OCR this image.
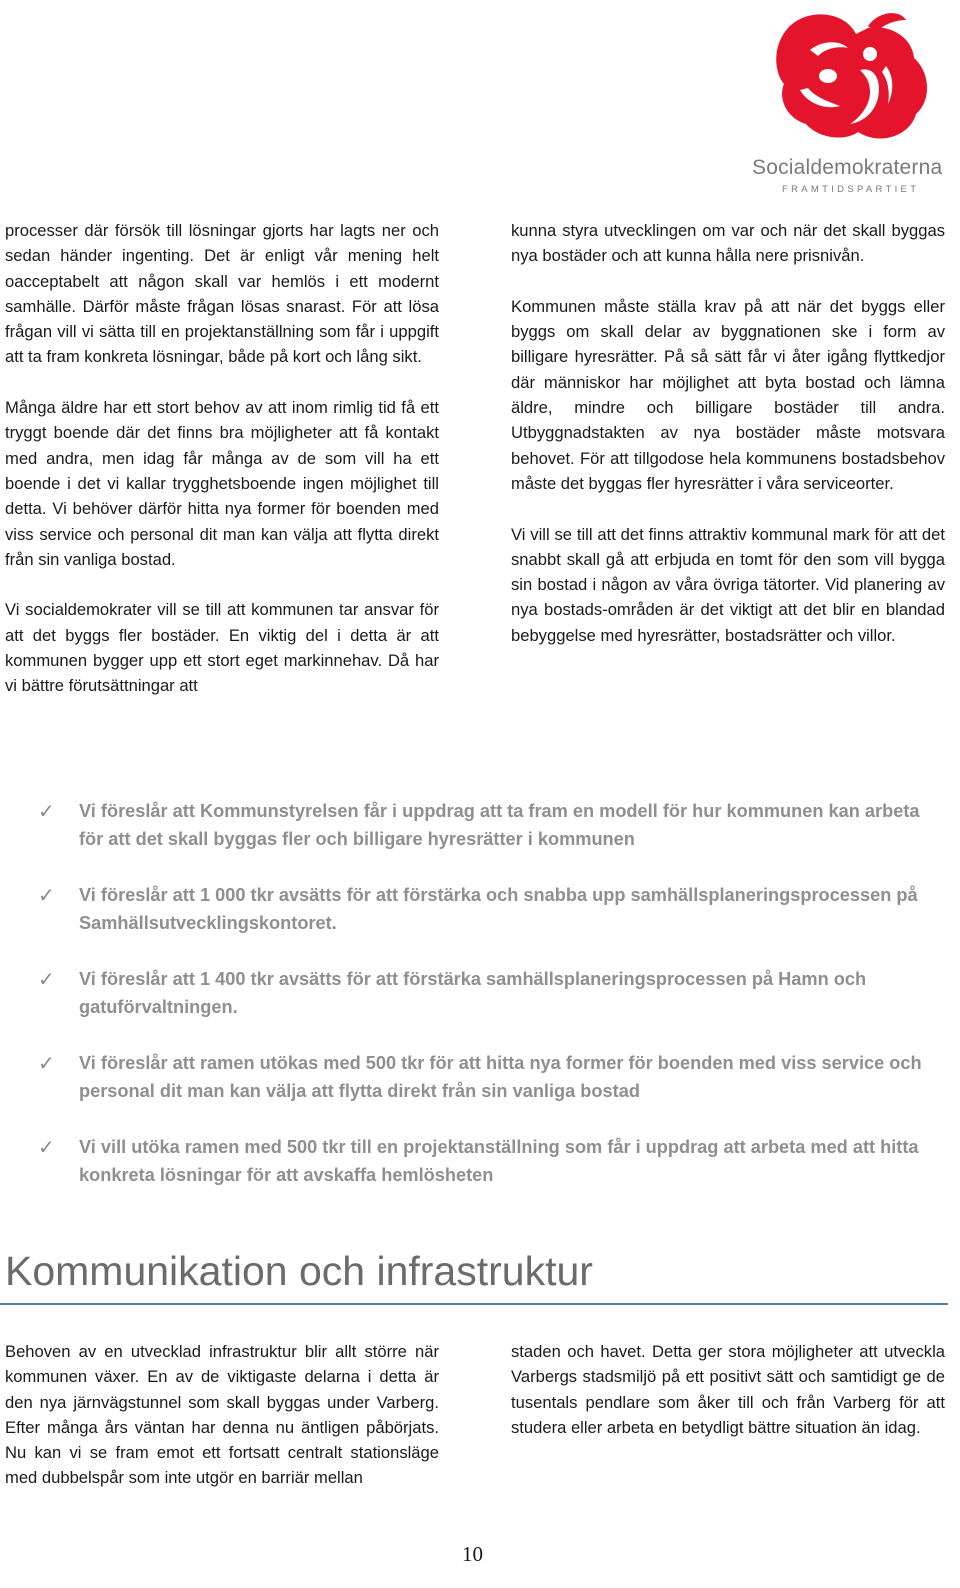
Socialdemokraterna
FRAMTIDSPARTIET

processer där försök till lösningar gjorts har lagts ner och sedan händer ingenting. Det är enligt vår mening helt oacceptabelt att någon skall var hemlös i ett modernt samhälle. Därför måste frågan lösas snarast. För att lösa frågan vill vi sätta till en projektanställning som får i uppgift att ta fram konkreta lösningar, både på kort och lång sikt.

Många äldre har ett stort behov av att inom rimlig tid få ett tryggt boende där det finns bra möjligheter att få kontakt med andra, men idag får många av de som vill ha ett boende i det vi kallar trygghetsboende ingen möjlighet till detta. Vi behöver därför hitta nya former för boenden med viss service och personal dit man kan välja att flytta direkt från sin vanliga bostad.

Vi socialdemokrater vill se till att kommunen tar ansvar för att det byggs fler bostäder. En viktig del i detta är att kommunen bygger upp ett stort eget markinnehav. Då har vi bättre förutsättningar att

kunna styra utvecklingen om var och när det skall byggas nya bostäder och att kunna hålla nere prisnivån.

Kommunen måste ställa krav på att när det byggs eller byggs om skall delar av byggnationen ske i form av billigare hyresrätter. På så sätt får vi åter igång flyttkedjor där människor har möjlighet att byta bostad och lämna äldre, mindre och billigare bostäder till andra. Utbyggnadstakten av nya bostäder måste motsvara behovet. För att tillgodose hela kommunens bostadsbehov måste det byggas fler hyresrätter i våra serviceorter.

Vi vill se till att det finns attraktiv kommunal mark för att det snabbt skall gå att erbjuda en tomt för den som vill bygga sin bostad i någon av våra övriga tätorter. Vid planering av nya bostads-områden är det viktigt att det blir en blandad bebyggelse med hyresrätter, bostadsrätter och villor.

✓ Vi föreslår att Kommunstyrelsen får i uppdrag att ta fram en modell för hur kommunen kan arbeta för att det skall byggas fler och billigare hyresrätter i kommunen
✓ Vi föreslår att 1 000 tkr avsätts för att förstärka och snabba upp samhällsplaneringsprocessen på Samhällsutvecklingskontoret.
✓ Vi föreslår att 1 400 tkr avsätts för att förstärka samhällsplaneringsprocessen på Hamn och gatuförvaltningen.
✓ Vi föreslår att ramen utökas med 500 tkr för att hitta nya former för boenden med viss service och personal dit man kan välja att flytta direkt från sin vanliga bostad
✓ Vi vill utöka ramen med 500 tkr till en projektanställning som får i uppdrag att arbeta med att hitta konkreta lösningar för att avskaffa hemlösheten
Kommunikation och infrastruktur

Behoven av en utvecklad infrastruktur blir allt större när kommunen växer. En av de viktigaste delarna i detta är den nya järnvägstunnel som skall byggas under Varberg. Efter många års väntan har denna nu äntligen påbörjats. Nu kan vi se fram emot ett fortsatt centralt stationsläge med dubbelspår som inte utgör en barriär mellan

staden och havet. Detta ger stora möjligheter att utveckla Varbergs stadsmiljö på ett positivt sätt och samtidigt ge de tusentals pendlare som åker till och från Varberg för att studera eller arbeta en betydligt bättre situation än idag.

10
